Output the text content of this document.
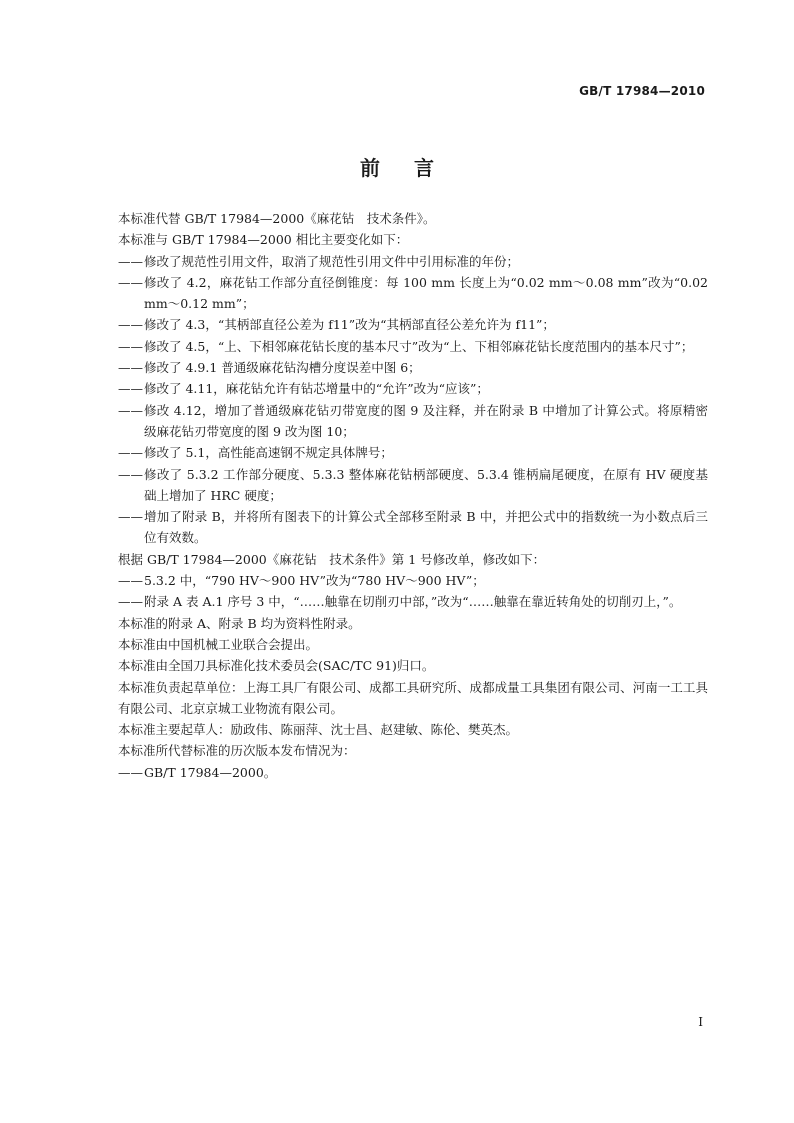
GB/T 17984—2010
前言

本标准代替 GB/T 17984—2000《麻花钻　技术条件》。

本标准与 GB/T 17984—2000 相比主要变化如下：

—— 修改了规范性引用文件，取消了规范性引用文件中引用标准的年份；
—— 修改了 4.2，麻花钻工作部分直径倒锥度：每 100 mm 长度上为“0.02 mm～0.08 mm”改为“0.02 mm～0.12 mm”；
—— 修改了 4.3，“其柄部直径公差为 f11”改为“其柄部直径公差允许为 f11”；
—— 修改了 4.5，“上、下相邻麻花钻长度的基本尺寸”改为“上、下相邻麻花钻长度范围内的基本尺寸”；
—— 修改了 4.9.1 普通级麻花钻沟槽分度误差中图 6；
—— 修改了 4.11，麻花钻允许有钻芯增量中的“允许”改为“应该”；
—— 修改 4.12，增加了普通级麻花钻刃带宽度的图 9 及注释，并在附录 B 中增加了计算公式。将原精密级麻花钻刃带宽度的图 9 改为图 10；
—— 修改了 5.1，高性能高速钢不规定具体牌号；
—— 修改了 5.3.2 工作部分硬度、5.3.3 整体麻花钻柄部硬度、5.3.4 锥柄扁尾硬度，在原有 HV 硬度基础上增加了 HRC 硬度；
—— 增加了附录 B，并将所有图表下的计算公式全部移至附录 B 中，并把公式中的指数统一为小数点后三位有效数。

根据 GB/T 17984—2000《麻花钻　技术条件》第 1 号修改单，修改如下：

—— 5.3.2 中，“790 HV～900 HV”改为“780 HV～900 HV”；
—— 附录 A 表 A.1 序号 3 中，“……触靠在切削刃中部，”改为“……触靠在靠近转角处的切削刃上，”。

本标准的附录 A、附录 B 均为资料性附录。

本标准由中国机械工业联合会提出。

本标准由全国刀具标准化技术委员会(SAC/TC 91)归口。

本标准负责起草单位：上海工具厂有限公司、成都工具研究所、成都成量工具集团有限公司、河南一工工具有限公司、北京京城工业物流有限公司。

本标准主要起草人：励政伟、陈丽萍、沈士昌、赵建敏、陈伦、樊英杰。

本标准所代替标准的历次版本发布情况为：

—— GB/T 17984—2000。
I
